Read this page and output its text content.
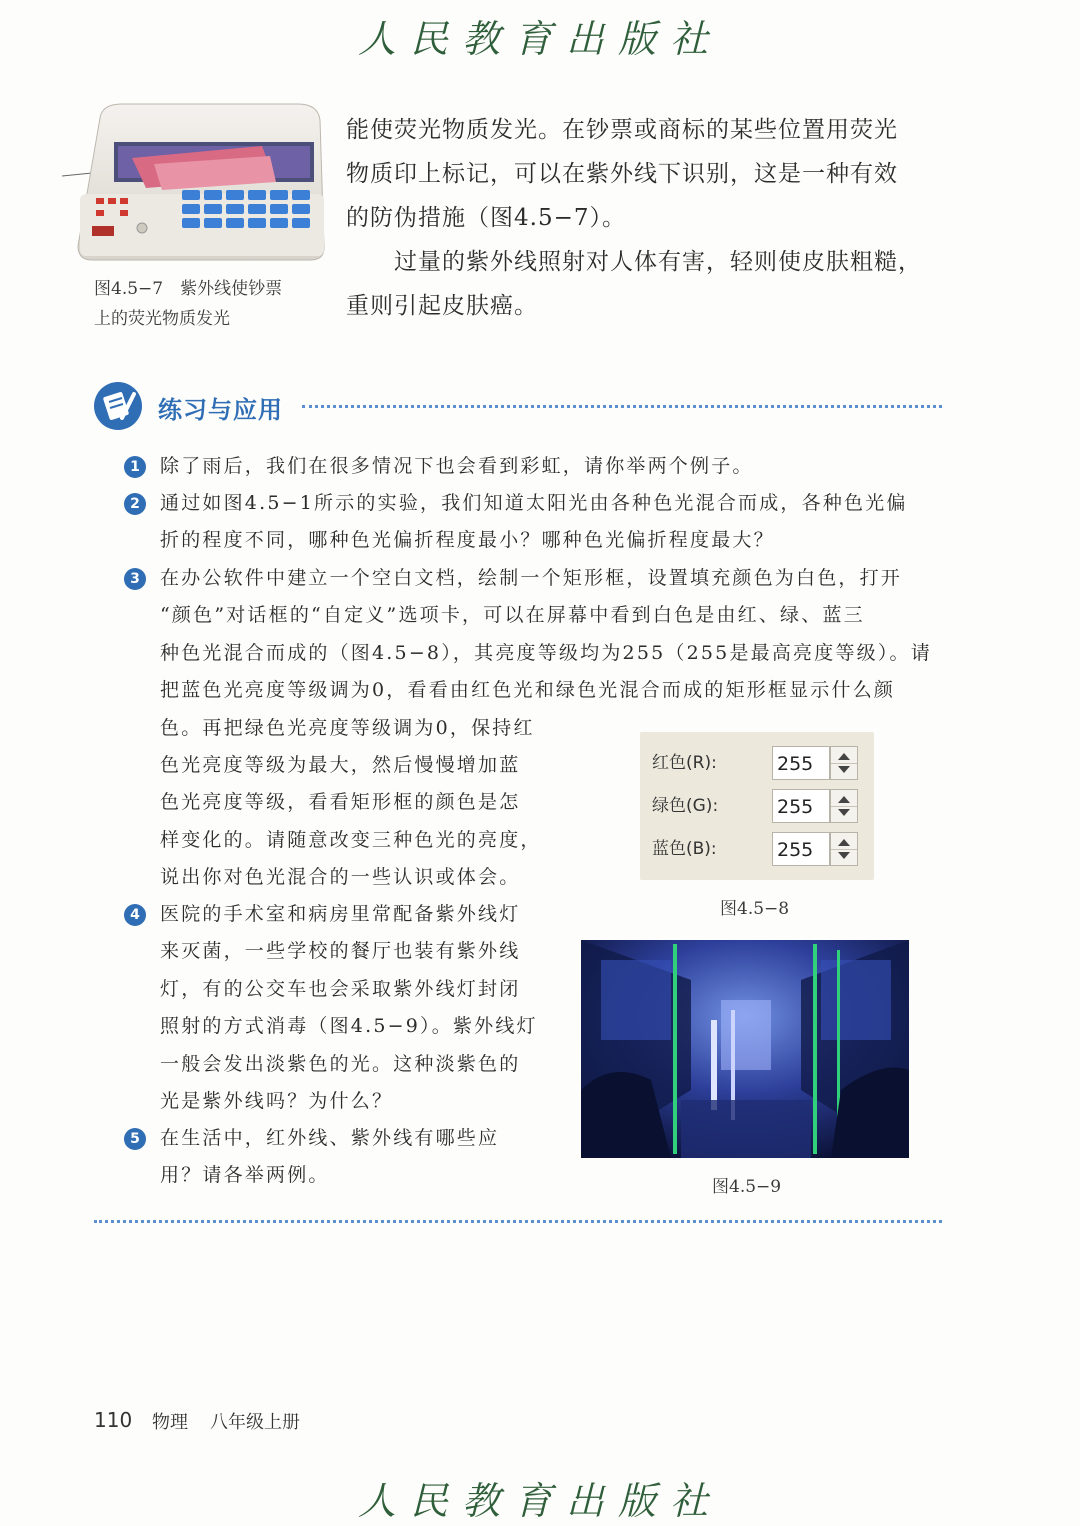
人民教育出版社
图4.5−7　紫外线使钞票
上的荧光物质发光
能使荧光物质发光。在钞票或商标的某些位置用荧光
物质印上标记，可以在紫外线下识别，这是一种有效
的防伪措施（图4.5−7）。
过量的紫外线照射对人体有害，轻则使皮肤粗糙，
重则引起皮肤癌。
练习与应用
1	除了雨后，我们在很多情况下也会看到彩虹，请你举两个例子。
2	通过如图4.5−1所示的实验，我们知道太阳光由各种色光混合而成，各种色光偏
折的程度不同，哪种色光偏折程度最小？哪种色光偏折程度最大？
3	在办公软件中建立一个空白文档，绘制一个矩形框，设置填充颜色为白色，打开
“颜色”对话框的“自定义”选项卡，可以在屏幕中看到白色是由红、绿、蓝三
种色光混合而成的（图4.5−8），其亮度等级均为255（255是最高亮度等级）。请
把蓝色光亮度等级调为0，看看由红色光和绿色光混合而成的矩形框显示什么颜
色。再把绿色光亮度等级调为0，保持红
色光亮度等级为最大，然后慢慢增加蓝
色光亮度等级，看看矩形框的颜色是怎
样变化的。请随意改变三种色光的亮度，
说出你对色光混合的一些认识或体会。
红色(R):	255
绿色(G):	255
蓝色(B):	255
图4.5−8
4	医院的手术室和病房里常配备紫外线灯
来灭菌，一些学校的餐厅也装有紫外线
灯，有的公交车也会采取紫外线灯封闭
照射的方式消毒（图4.5−9）。紫外线灯
一般会发出淡紫色的光。这种淡紫色的
光是紫外线吗？为什么？
5	在生活中，红外线、紫外线有哪些应
用？请各举两例。
图4.5−9
110 物理 八年级上册
人民教育出版社
